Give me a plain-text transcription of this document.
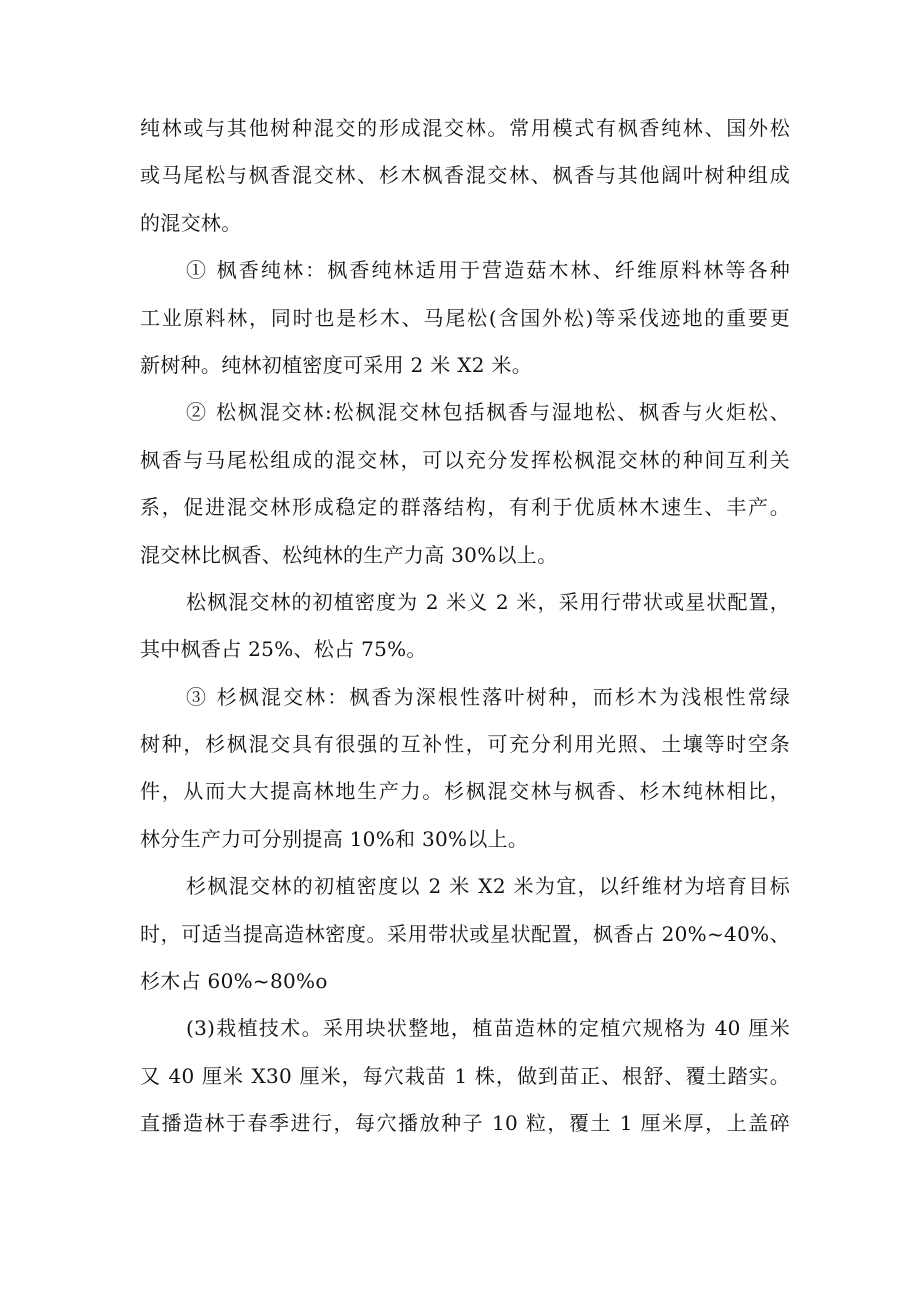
纯林或与其他树种混交的形成混交林。常用模式有枫香纯林、国外松
或马尾松与枫香混交林、杉木枫香混交林、枫香与其他阔叶树种组成
的混交林。
① 枫香纯林：枫香纯林适用于营造菇木林、纤维原料林等各种
工业原料林，同时也是杉木、马尾松(含国外松)等采伐迹地的重要更
新树种。纯林初植密度可采用 2 米 X2 米。
② 松枫混交林:松枫混交林包括枫香与湿地松、枫香与火炬松、
枫香与马尾松组成的混交林，可以充分发挥松枫混交林的种间互利关
系，促进混交林形成稳定的群落结构，有利于优质林木速生、丰产。
混交林比枫香、松纯林的生产力高 30%以上。
松枫混交林的初植密度为 2 米义 2 米，采用行带状或星状配置，
其中枫香占 25%、松占 75%。
③ 杉枫混交林：枫香为深根性落叶树种，而杉木为浅根性常绿
树种，杉枫混交具有很强的互补性，可充分利用光照、土壤等时空条
件，从而大大提高林地生产力。杉枫混交林与枫香、杉木纯林相比，
林分生产力可分别提高 10%和 30%以上。
杉枫混交林的初植密度以 2 米 X2 米为宜，以纤维材为培育目标
时，可适当提高造林密度。采用带状或星状配置，枫香占 20%~40%、
杉木占 60%~80%o
(3)栽植技术。采用块状整地，植苗造林的定植穴规格为 40 厘米
又 40 厘米 X30 厘米，每穴栽苗 1 株，做到苗正、根舒、覆土踏实。
直播造林于春季进行，每穴播放种子 10 粒，覆土 1 厘米厚，上盖碎
